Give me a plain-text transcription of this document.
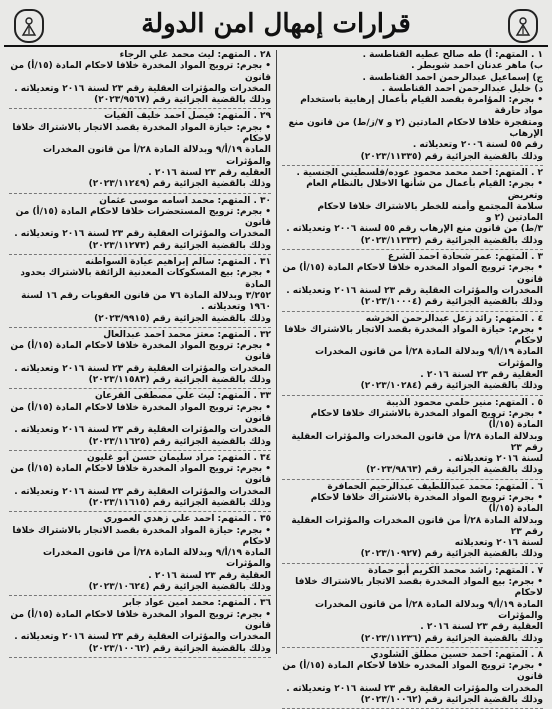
قرارات إمهال امن الدولة
١ . المتهم: أ) طه صالح عطيه القناطسة .
ب) ماهر عدنان احمد شويطر .
ج) إسماعيل عبدالرحمن احمد القناطسة .
د) خليل عبدالرحمن احمد القناطسة .
• بجرم: المؤامرة بقصد القيام بأعمال إرهابية باستخدام مواد حارقة
ومتفجرة خلافا لاحكام المادتين (٢ و ٧/ز/ط) من قانون منع الإرهاب
رقم ٥٥ لسنة ٢٠٠٦ وتعديلاته .
وذلك بالقضية الجزائية رقم (٢٠٢٣/١١٣٣٥)
٢ . المتهم: احمد محمد محمود عوده/فلسطيني الجنسية .
• بجرم: القيام بأعمال من شأنها الاخلال بالنظام العام وتعريض
سلامة المجتمع وأمنه للخطر بالاشتراك خلافا لاحكام المادتين (٢ و
٣/ط) من قانون منع الإرهاب رقم ٥٥ لسنة ٢٠٠٦ وتعديلاته .
وذلك بالقضية الجزائية رقم (٢٠٢٣/١١٣٣٣)
٣ . المتهم: عمر شحادة احمد الشرع
• بجرم: ترويج المواد المخدره خلافا لاحكام المادة (١٥/أ) من قانون
المخدرات والمؤثرات العقلية رقم ٢٣ لسنة ٢٠١٦ وتعديلاته .
وذلك بالقضية الجزائية رقم (٢٠٢٣/١٠٠٠٤)
٤ . المتهم: رائد زعل عبدالرحمن الخرشه
• بجرم: حيازة المواد المخدرة بقصد الاتجار بالاشتراك خلافا لاحكام
المادة ١٩/أ/٩ وبدلالة المادة ٢٨/أ من قانون المخدرات والمؤثرات
العقلية رقم ٢٣ لسنة ٢٠١٦ .
وذلك بالقضية الجزائية رقم (٢٠٢٣/١٠٢٨٤)
٥ . المتهم: منير حلمي محمود الذيبة
• بجرم: ترويج المواد المخدرة بالاشتراك خلافا لاحكام المادة (١٥/أ)
وبدلالة المادة ٢٨/أ من قانون المخدرات والمؤثرات العقلية رقم ٢٣
لسنة ٢٠١٦ وتعديلاته .
وذلك بالقضية الجزائية رقم (٢٠٢٣/٩٨٦٣)
٦ . المتهم: محمد عبداللطيف عبدالرحيم الحمافرة
• بجرم: ترويج المواد المخدرة بالاشتراك خلافا لاحكام المادة (١٥/أ)
وبدلالة المادة ٢٨/أ من قانون المخدرات والمؤثرات العقلية رقم ٢٣
لسنة ٢٠١٦ وتعديلاته
وذلك بالقضية الجزائية رقم (٢٠٢٣/١٠٩٢٧)
٧ . المتهم: راشد محمد الكريم أبو حمادة
• بجرم: بيع المواد المخدرة بقصد الاتجار بالاشتراك خلافا لاحكام
المادة ١٩/أ/٩ وبدلالة المادة ٢٨/أ من قانون المخدرات والمؤثرات
العقلية رقم ٢٣ لسنة ٢٠١٦ .
وذلك بالقضية الجزائية رقم (٢٠٢٣/١١٢٣٦)
٨ . المتهم: احمد حسين مطلق الشلودي
• بجرم: ترويج المواد المخدره خلافا لاحكام المادة (١٥/أ) من قانون
المخدرات والمؤثرات العقلية رقم ٢٣ لسنة ٢٠١٦ وتعديلاته .
وذلك بالقضية الجزائية رقم (٢٠٢٣/١٠٠٦٢)
٢٨ . المتهم: ليث محمد علي الرجاء
• بجرم: ترويج المواد المخدرة خلافا لاحكام المادة (١٥/أ) من قانون
المخدرات والمؤثرات العقلية رقم ٢٣ لسنة ٢٠١٦ وتعديلاته .
وذلك بالقضية الجزائية رقم (٢٠٢٣/٩٥٦٧)
٢٩ . المتهم: فيصل احمد خليف الفيات
• بجرم: حيازة المواد المخدرة بقصد الاتجار بالاشتراك خلافا لاحكام
المادة ١٩/أ/٩ وبدلالة المادة ٢٨/أ من قانون المخدرات والمؤثرات
العقليه رقم ٢٣ لسنة ٢٠١٦ .
وذلك بالقضية الجزائية رقم (٢٠٢٣/١١٢٤٩)
٣٠ . المتهم: محمد اسامه موسى عثمان
• بجرم: ترويج المستحضرات خلافا لاحكام المادة (١٥/أ) من قانون
المخدرات والمؤثرات العقلية رقم ٢٣ لسنة ٢٠١٦ وتعديلاته .
وذلك بالقضية الجزائية رقم (٢٠٢٣/١١٢٧٣)
٣١ . المتهم: سالم إبراهيم عيادة السواطنه
• بجرم: بيع المسكوكات المعدنية الزائفة بالاشتراك بحدود المادة
٣/٢٥٢ وبدلالة المادة ٧٦ من قانون العقوبات رقم ١٦ لسنة
١٩٦٠ وتعديلاته .
وذلك بالقضية الجزائية رقم (٢٠٢٣/٩٩١٥)
٣٢ . المتهم: معتز محمد احمد عبدالعال
• بجرم: ترويج المواد المخدرة خلافا لاحكام المادة (١٥/أ) من قانون
المخدرات والمؤثرات العقلية رقم ٢٣ لسنة ٢٠١٦ وتعديلاته .
وذلك بالقضية الجزائية رقم (٢٠٢٣/١١٥٨٣)
٣٣ . المتهم: ليث علي مصطفى القرعان
• بجرم: ترويج المواد المخدرة خلافا لاحكام المادة (١٥/أ) من قانون
المخدرات والمؤثرات العقلية رقم ٢٣ لسنة ٢٠١٦ وتعديلاته .
وذلك بالقضية الجزائية رقم (٢٠٢٣/١١٦٢٥)
٣٤ . المتهم: مراد سليمان حسن أبو غليون
• بجرم: ترويج المواد المخدرة خلافا لاحكام المادة (١٥/أ) من قانون
المخدرات والمؤثرات العقلية رقم ٢٣ لسنة ٢٠١٦ وتعديلاته .
وذلك بالقضية الجزائية رقم (٢٠٢٣/١١٦١٥)
٣٥ . المتهم: احمد علي زهدي العموري
• بجرم: حيازة المواد المخدرة بقصد الاتجار بالاشتراك خلافا لاحكام
المادة ١٩/أ/٩ وبدلالة المادة ٢٨/أ من قانون المخدرات والمؤثرات
العقلية رقم ٢٣ لسنة ٢٠١٦ .
وذلك بالقضية الجزائية رقم (٢٠٢٣/١٠٦٢٤)
٣٦ . المتهم: محمد امين عواد جابر
• بجرم: ترويج المواد المخدرة خلافا لاحكام المادة (١٥/أ) من قانون
المخدرات والمؤثرات العقلية رقم ٢٣ لسنة ٢٠١٦ وتعديلاته .
وذلك بالقضية الجزائية رقم (٢٠٢٣/١٠٠٦٢)
